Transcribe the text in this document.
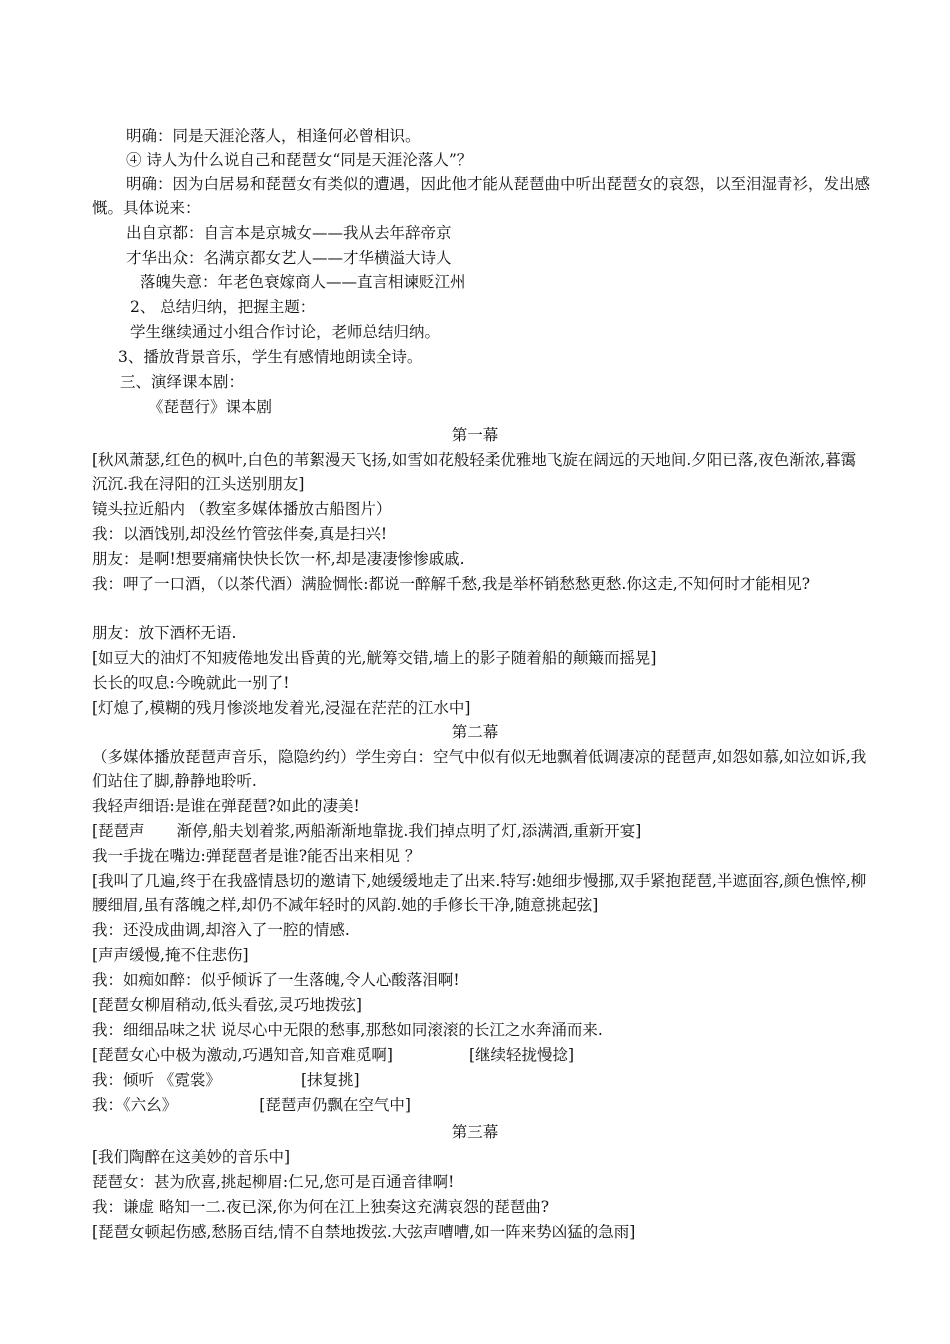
明确：同是天涯沦落人，相逢何必曾相识。
④ 诗人为什么说自己和琵琶女“同是天涯沦落人”？
明确：因为白居易和琵琶女有类似的遭遇，因此他才能从琵琶曲中听出琵琶女的哀怨，以至泪湿青衫，发出感慨。具体说来：
出自京都：自言本是京城女——我从去年辞帝京
才华出众：名满京都女艺人——才华横溢大诗人
落魄失意：年老色衰嫁商人——直言相谏贬江州
2、 总结归纳，把握主题：
学生继续通过小组合作讨论，老师总结归纳。
3、播放背景音乐，学生有感情地朗读全诗。
三、演绎课本剧：
《琵琶行》课本剧
第一幕
[秋风萧瑟,红色的枫叶,白色的苇絮漫天飞扬,如雪如花般轻柔优雅地飞旋在阔远的天地间.夕阳已落,夜色渐浓,暮霭沉沉.我在浔阳的江头送别朋友]
镜头拉近船内 （教室多媒体播放古船图片）
我：以酒饯别,却没丝竹管弦伴奏,真是扫兴!
朋友：是啊!想要痛痛快快长饮一杯,却是凄凄惨惨戚戚.
我：呷了一口酒，（以茶代酒）满脸惆怅:都说一醉解千愁,我是举杯销愁愁更愁.你这走,不知何时才能相见?
朋友：放下酒杯无语.
[如豆大的油灯不知疲倦地发出昏黄的光,觥筹交错,墙上的影子随着船的颠簸而摇晃]
长长的叹息:今晚就此一别了!
[灯熄了,模糊的残月惨淡地发着光,浸湿在茫茫的江水中]
第二幕
（多媒体播放琵琶声音乐，隐隐约约）学生旁白：空气中似有似无地飘着低调凄凉的琵琶声,如怨如慕,如泣如诉,我们站住了脚,静静地聆听.
我轻声细语:是谁在弹琵琶?如此的凄美!
[琵琶声 渐停,船夫划着浆,两船渐渐地靠拢.我们掉点明了灯,添满酒,重新开宴]
我一手拢在嘴边:弹琵琶者是谁?能否出来相见 ？
[我叫了几遍,终于在我盛情恳切的邀请下,她缓缓地走了出来.特写:她细步慢挪,双手紧抱琵琶,半遮面容,颜色憔悴,柳腰细眉,虽有落魄之样,却仍不减年轻时的风韵.她的手修长干净,随意挑起弦]
我：还没成曲调,却溶入了一腔的情感.
[声声缓慢,掩不住悲伤]
我：如痴如醉：似乎倾诉了一生落魄,令人心酸落泪啊!
[琵琶女柳眉稍动,低头看弦,灵巧地拨弦]
我：细细品味之状 说尽心中无限的愁事,那愁如同滚滚的长江之水奔涌而来.
[琵琶女心中极为激动,巧遇知音,知音难觅啊]	[继续轻拢慢捻]
我：倾听 《霓裳》	[抹复挑]
我：《六幺》	[琵琶声仍飘在空气中]
第三幕
[我们陶醉在这美妙的音乐中]
琵琶女：甚为欣喜,挑起柳眉:仁兄,您可是百通音律啊!
我：谦虚 略知一二.夜已深,你为何在江上独奏这充满哀怨的琵琶曲?
[琵琶女顿起伤感,愁肠百结,情不自禁地拨弦.大弦声嘈嘈,如一阵来势凶猛的急雨]
